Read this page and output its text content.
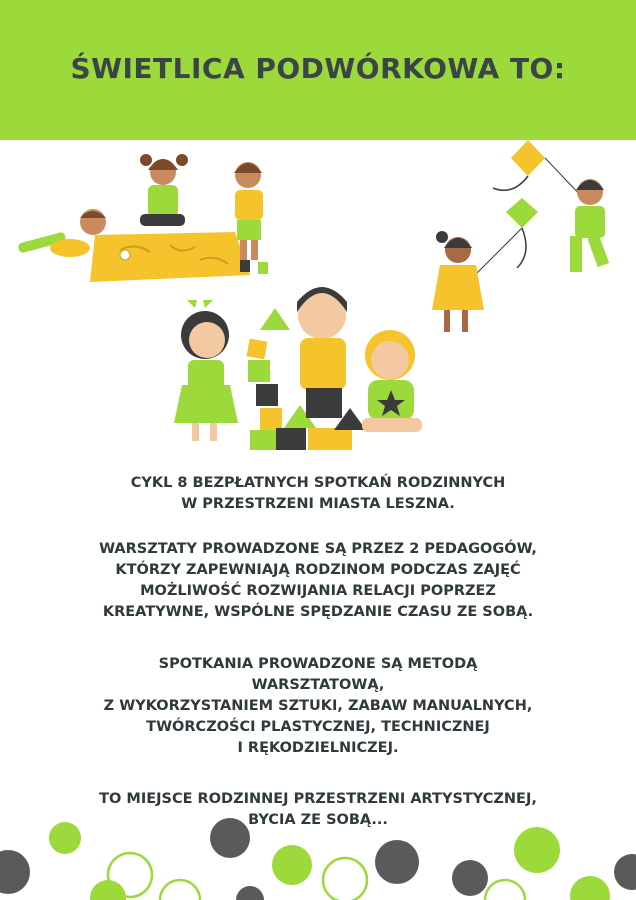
ŚWIETLICA PODWÓRKOWA TO:
CYKL 8 BEZPŁATNYCH SPOTKAŃ RODZINNYCH
W PRZESTRZENI MIASTA LESZNA.
WARSZTATY PROWADZONE SĄ PRZEZ 2 PEDAGOGÓW,
KTÓRZY ZAPEWNIAJĄ RODZINOM PODCZAS ZAJĘĆ
MOŻLIWOŚĆ ROZWIJANIA RELACJI POPRZEZ
KREATYWNE, WSPÓLNE SPĘDZANIE CZASU ZE SOBĄ.
SPOTKANIA PROWADZONE SĄ METODĄ
WARSZTATOWĄ,
Z WYKORZYSTANIEM SZTUKI, ZABAW MANUALNYCH,
TWÓRCZOŚCI PLASTYCZNEJ, TECHNICZNEJ
I RĘKODZIELNICZEJ.
TO MIEJSCE RODZINNEJ PRZESTRZENI ARTYSTYCZNEJ,
BYCIA ZE SOBĄ...
